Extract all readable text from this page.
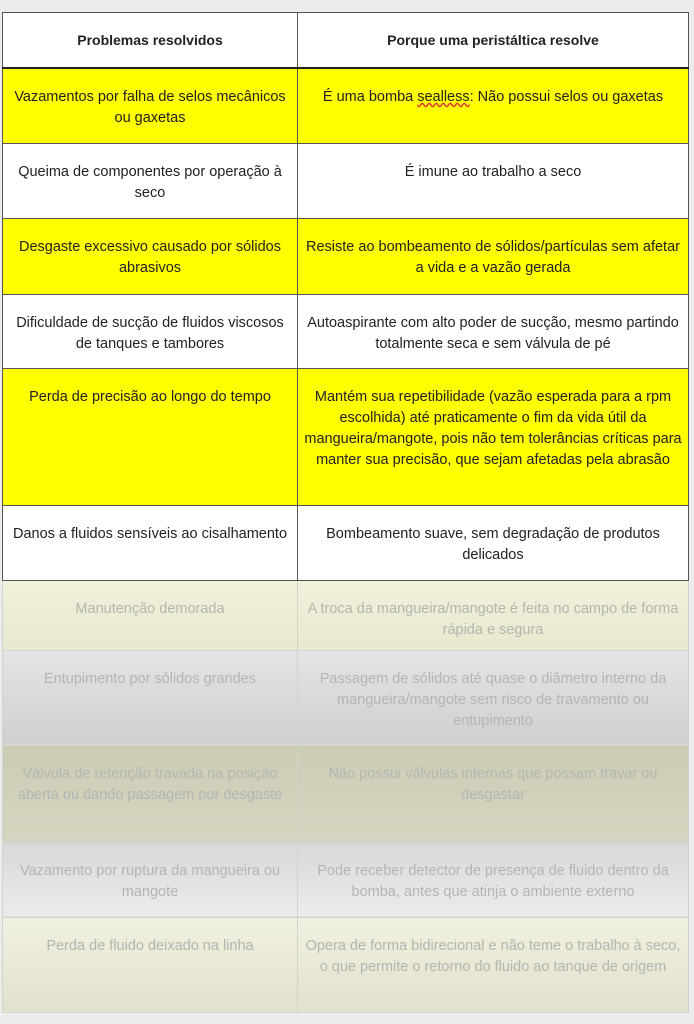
Problemas resolvidos	Porque uma peristáltica resolve
Vazamentos por falha de selos mecânicos ou gaxetas	É uma bomba sealless: Não possui selos ou gaxetas
Queima de componentes por operação à seco	É imune ao trabalho a seco
Desgaste excessivo causado por sólidos abrasivos	Resiste ao bombeamento de sólidos/partículas sem afetar a vida e a vazão gerada
Dificuldade de sucção de fluidos viscosos de tanques e tambores	Autoaspirante com alto poder de sucção, mesmo partindo totalmente seca e sem válvula de pé
Perda de precisão ao longo do tempo	Mantém sua repetibilidade (vazão esperada para a rpm escolhida) até praticamente o fim da vida útil da mangueira/mangote, pois não tem tolerâncias críticas para manter sua precisão, que sejam afetadas pela abrasão
Danos a fluidos sensíveis ao cisalhamento	Bombeamento suave, sem degradação de produtos delicados
Manutenção demorada	A troca da mangueira/mangote é feita no campo de forma rápida e segura
Entupimento por sólidos grandes	Passagem de sólidos até quase o diâmetro interno da mangueira/mangote sem risco de travamento ou entupimento
Válvula de retenção travada na posição aberta ou dando passagem por desgaste	Não possui válvulas internas que possam travar ou desgastar
Vazamento por ruptura da mangueira ou mangote	Pode receber detector de presença de fluido dentro da bomba, antes que atinja o ambiente externo
Perda de fluido deixado na linha	Opera de forma bidirecional e não teme o trabalho à seco, o que permite o retorno do fluido ao tanque de origem
